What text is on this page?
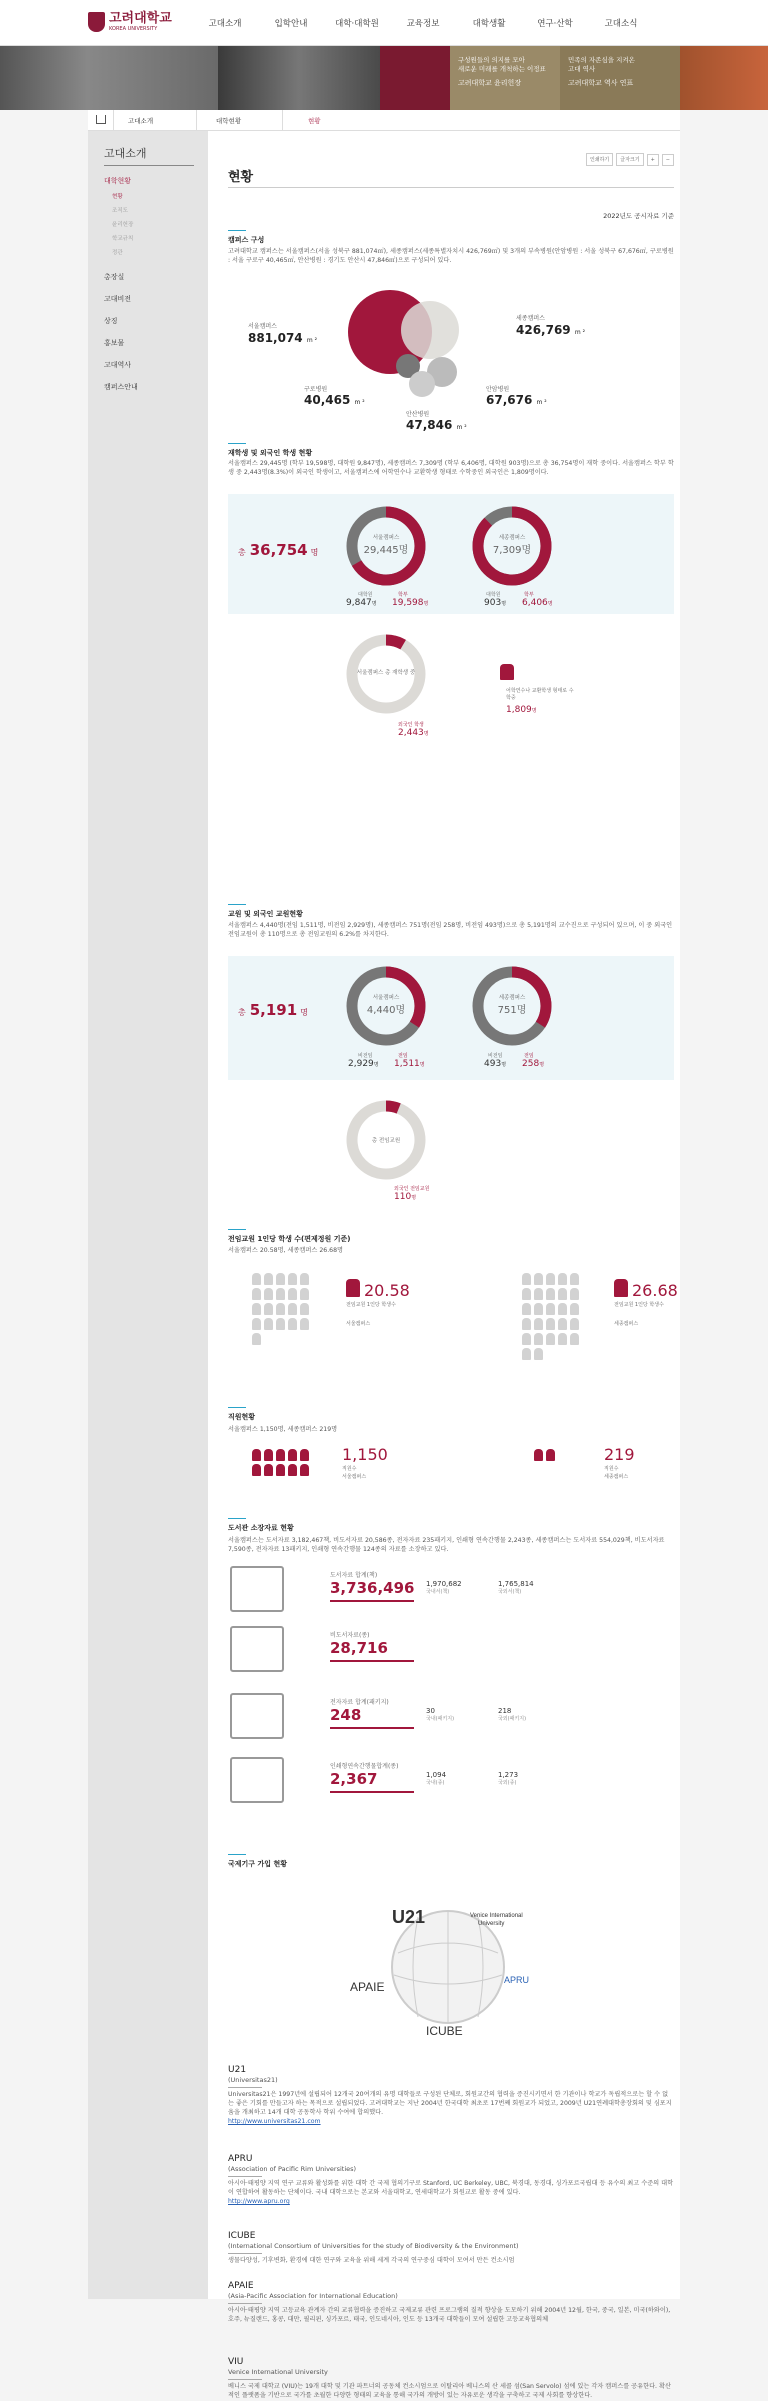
고려대학교
KOREA UNIVERSITY	고대소개	입학안내	대학·대학원	교육정보	대학생활	연구·산학	고대소식
구성원들의 의지를 모아
새로운 미래를 개척하는 이정표
고려대학교 윤리헌장
민족의 자존심을 지켜온
고대 역사
고려대학교 역사 연표
고대소개	대학현황	현황
고대소개
대학현황
현황
조직도
윤리헌장
학교규칙
정관
총장실
고대비전
상징
홍보물
고대역사
캠퍼스안내
인쇄하기	글자크기	+	−
현황
2022년도 공시자료 기준
캠퍼스 구성
고려대학교 캠퍼스는 서울캠퍼스(서울 성북구 881,074㎡), 세종캠퍼스(세종특별자치시 426,769㎡) 및 3개의 부속병원(안암병원 : 서울 성북구 67,676㎡, 구로병원 : 서울 구로구 40,465㎡, 안산병원 : 경기도 안산시 47,846㎡)으로 구성되어 있다.
서울캠퍼스
881,074 m ²
세종캠퍼스
426,769 m ²
구로병원
40,465 m ²
안암병원
67,676 m ²
안산병원
47,846 m ²
재학생 및 외국인 학생 현황
서울캠퍼스 29,445명 (학부 19,598명, 대학원 9,847명), 세종캠퍼스 7,309명 (학부 6,406명, 대학원 903명)으로 총 36,754명이 재학 중이다. 서울캠퍼스 학부 학생 중 2,443명(8.3%)이 외국인 학생이고, 서울캠퍼스에 어학연수나 교환학생 형태로 수학중인 외국인은 1,809명이다.
총 36,754 명
서울캠퍼스
29,445명
대학원
9,847명
학부
19,598명
세종캠퍼스
7,309명
대학원
903명
학부
6,406명
서울캠퍼스 총 재학생 중
외국인 학생
2,443명
어학연수나 교환학생 형태로 수학중
1,809명
교원 및 외국인 교원현황
서울캠퍼스 4,440명(전임 1,511명, 비전임 2,929명), 세종캠퍼스 751명(전임 258명, 비전임 493명)으로 총 5,191명의 교수진으로 구성되어 있으며, 이 중 외국인 전임교원이 총 110명으로 총 전임교원의 6.2%를 차지한다.
총 5,191 명
서울캠퍼스
4,440명
비전임
2,929명
전임
1,511명
세종캠퍼스
751명
비전임
493명
전임
258명
총 전임교원
외국인 전임교원
110명
전임교원 1인당 학생 수(편제정원 기준)
서울캠퍼스 20.58명, 세종캠퍼스 26.68명
20.58
전임교원 1인당 학생수
서울캠퍼스
26.68
전임교원 1인당 학생수
세종캠퍼스
직원현황
서울캠퍼스 1,150명, 세종캠퍼스 219명
1,150
직원수
서울캠퍼스
219
직원수
세종캠퍼스
도서관 소장자료 현황
서울캠퍼스는 도서자료 3,182,467책, 비도서자료 20,586종, 전자자료 235패키지, 인쇄형 연속간행물 2,243종, 세종캠퍼스는 도서자료 554,029책, 비도서자료 7,590종, 전자자료 13패키지, 인쇄형 연속간행물 124종의 자료를 소장하고 있다.
도서자료 합계(책)
3,736,496 1,970,682
국내서(책)
1,765,814
국외서(책)
비도서자료(종)
28,716
전자자료 합계(패키지)
248	30
국내(패키지)
218
국외(패키지)
인쇄형연속간행물합계(종)
2,367	1,094
국내(종)
1,273
국외(종)
국제기구 가입 현황
U21	Venice International
University
APRU
APAIE
ICUBE
U21
(Universitas21)

Universitas21은 1997년에 설립되어 12개국 20여개의 유명 대학들로 구성된 단체로, 회원교간의 협력을 증진시키면서 한 기관이나 학교가 독립적으로는 할 수 없는 좋은 기회를 만들고자 하는 목적으로 설립되었다. 고려대학교는 지난 2004년 한국대학 최초로 17번째 회원교가 되었고, 2009년 U21연례대학총장회의 및 심포지움을 개최하고 14개 대학 공동학사 학위 수여에 합의했다.

http://www.universitas21.com
APRU
(Association of Pacific Rim Universities)

아시아·태평양 지역 연구 교류와 활성화를 위한 대학 간 국제 협의기구로 Stanford, UC Berkeley, UBC, 북경대, 동경대, 싱가포르국립대 등 유수의 최고 수준의 대학이 연합하여 활동하는 단체이다. 국내 대학으로는 본교와 서울대학교, 연세대학교가 회원교로 활동 중에 있다.

http://www.apru.org
ICUBE
(International Consortium of Universities for the study of Biodiversity & the Environment)

생물다양성, 기후변화, 환경에 대한 연구와 교육을 위해 세계 각국의 연구중심 대학이 모여서 만든 컨소시엄

APAIE
(Asia-Pacific Association for International Education)

아시아·태평양 지역 고등교육 관계자 간의 교류협력을 증진하고 국제교류 관련 프로그램의 질적 향상을 도모하기 위해 2004년 12월, 한국, 중국, 일본, 미국(하와이), 호주, 뉴질랜드, 홍콩, 대만, 필리핀, 싱가포르, 태국, 인도네시아, 인도 등 13개국 대학들이 모여 설립한 고등교육협의체

VIU
Venice International University

베니스 국제 대학교 (VIU)는 19개 대학 및 기관 파트너의 공동체 컨소시엄으로 이탈리아 베니스의 산 세콜 섬(San Servolo) 섬에 있는 각자 캠퍼스를 공유한다. 확산적인 플랫폼을 기반으로 국가를 초월한 다양한 형태의 교육을 통해 국가의 개방이 있는 자유로운 생각을 구축하고 국제 사회를 향상한다.
